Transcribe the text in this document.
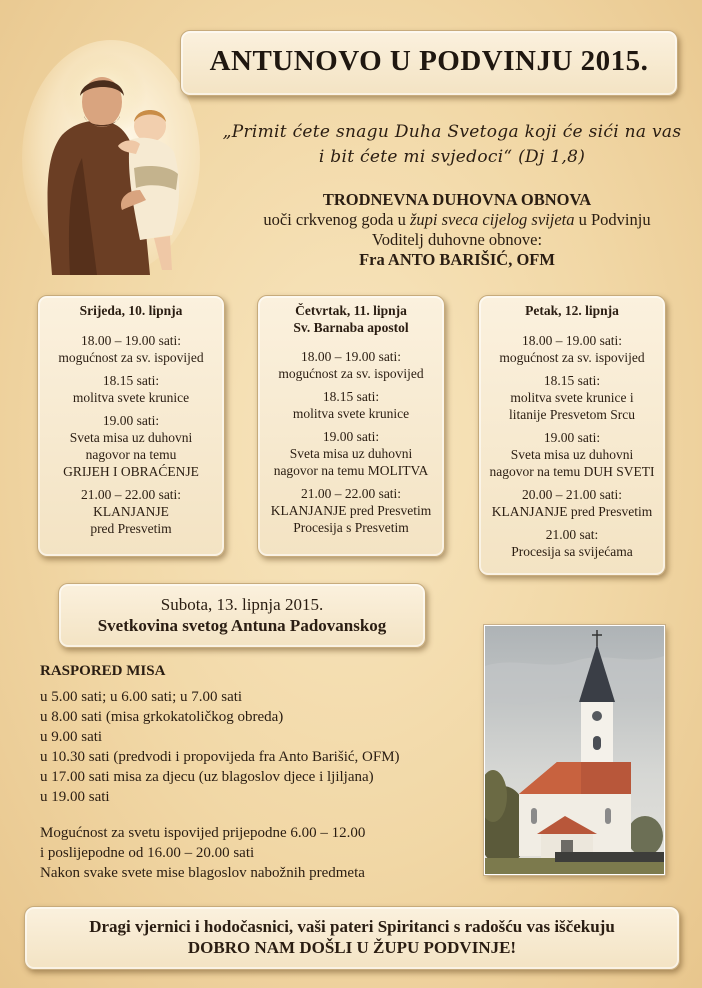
ANTUNOVO U PODVINJU 2015.
„Primit ćete snagu Duha Svetoga koji će sići na vas
i bit ćete mi svjedoci“ (Dj 1,8)
TRODNEVNA DUHOVNA OBNOVA
uoči crkvenog goda u župi sveca cijelog svijeta u Podvinju
Voditelj duhovne obnove:
Fra ANTO BARIŠIĆ, OFM
Srijeda, 10. lipnja
18.00 – 19.00 sati:
mogućnost za sv. ispovijed
18.15 sati:
molitva svete krunice
19.00 sati:
Sveta misa uz duhovni
nagovor na temu
GRIJEH I OBRAĆENJE
21.00 – 22.00 sati:
KLANJANJE
pred Presvetim
Četvrtak, 11. lipnja
Sv. Barnaba apostol
18.00 – 19.00 sati:
mogućnost za sv. ispovijed
18.15 sati:
molitva svete krunice
19.00 sati:
Sveta misa uz duhovni
nagovor na temu MOLITVA
21.00 – 22.00 sati:
KLANJANJE pred Presvetim
Procesija s Presvetim
Petak, 12. lipnja
18.00 – 19.00 sati:
mogućnost za sv. ispovijed
18.15 sati:
molitva svete krunice i
litanije Presvetom Srcu
19.00 sati:
Sveta misa uz duhovni
nagovor na temu DUH SVETI
20.00 – 21.00 sati:
KLANJANJE pred Presvetim
21.00 sat:
Procesija sa svijećama
Subota, 13. lipnja 2015.
Svetkovina svetog Antuna Padovanskog
RASPORED MISA
u 5.00 sati; u 6.00 sati; u 7.00 sati
u 8.00 sati (misa grkokatoličkog obreda)
u 9.00 sati
u 10.30 sati (predvodi i propovijeda fra Anto Barišić, OFM)
u 17.00 sati misa za djecu (uz blagoslov djece i ljiljana)
u 19.00 sati
Mogućnost za svetu ispovijed prijepodne 6.00 – 12.00
i poslijepodne od 16.00 – 20.00 sati
Nakon svake svete mise blagoslov nabožnih predmeta
Dragi vjernici i hodočasnici, vaši pateri Spiritanci s radošću vas iščekuju
DOBRO NAM DOŠLI U ŽUPU PODVINJE!
